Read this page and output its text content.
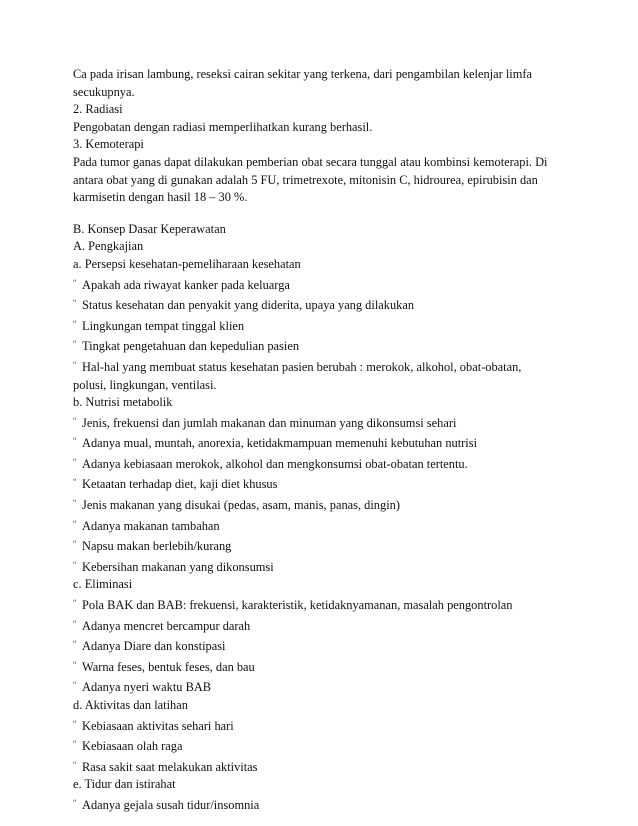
Ca pada irisan lambung, reseksi cairan sekitar yang terkena, dari pengambilan kelenjar limfa
secukupnya.
2. Radiasi
Pengobatan dengan radiasi memperlihatkan kurang berhasil.
3. Kemoterapi
Pada tumor ganas dapat dilakukan pemberian obat secara tunggal atau kombinsi kemoterapi. Di
antara obat yang di gunakan adalah 5 FU, trimetrexote, mitonisin C, hidrourea, epirubisin dan
karmisetin dengan hasil 18 – 30 %.
B. Konsep Dasar Keperawatan
A. Pengkajian
a. Persepsi kesehatan-pemeliharaan kesehatan
“ Apakah ada riwayat kanker pada keluarga
“ Status kesehatan dan penyakit yang diderita, upaya yang dilakukan
“ Lingkungan tempat tinggal klien
“ Tingkat pengetahuan dan kepedulian pasien
“ Hal-hal yang membuat status kesehatan pasien berubah : merokok, alkohol, obat-obatan,
polusi, lingkungan, ventilasi.
b. Nutrisi metabolik
“ Jenis, frekuensi dan jumlah makanan dan minuman yang dikonsumsi sehari
“ Adanya mual, muntah, anorexia, ketidakmampuan memenuhi kebutuhan nutrisi
“ Adanya kebiasaan merokok, alkohol dan mengkonsumsi obat-obatan tertentu.
“ Ketaatan terhadap diet, kaji diet khusus
“ Jenis makanan yang disukai (pedas, asam, manis, panas, dingin)
“ Adanya makanan tambahan
“ Napsu makan berlebih/kurang
“ Kebersihan makanan yang dikonsumsi
c. Eliminasi
“ Pola BAK dan BAB: frekuensi, karakteristik, ketidaknyamanan, masalah pengontrolan
“ Adanya mencret bercampur darah
“ Adanya Diare dan konstipasi
“ Warna feses, bentuk feses, dan bau
“ Adanya nyeri waktu BAB
d. Aktivitas dan latihan
“ Kebiasaan aktivitas sehari hari
“ Kebiasaan olah raga
“ Rasa sakit saat melakukan aktivitas
e. Tidur dan istirahat
“ Adanya gejala susah tidur/insomnia
